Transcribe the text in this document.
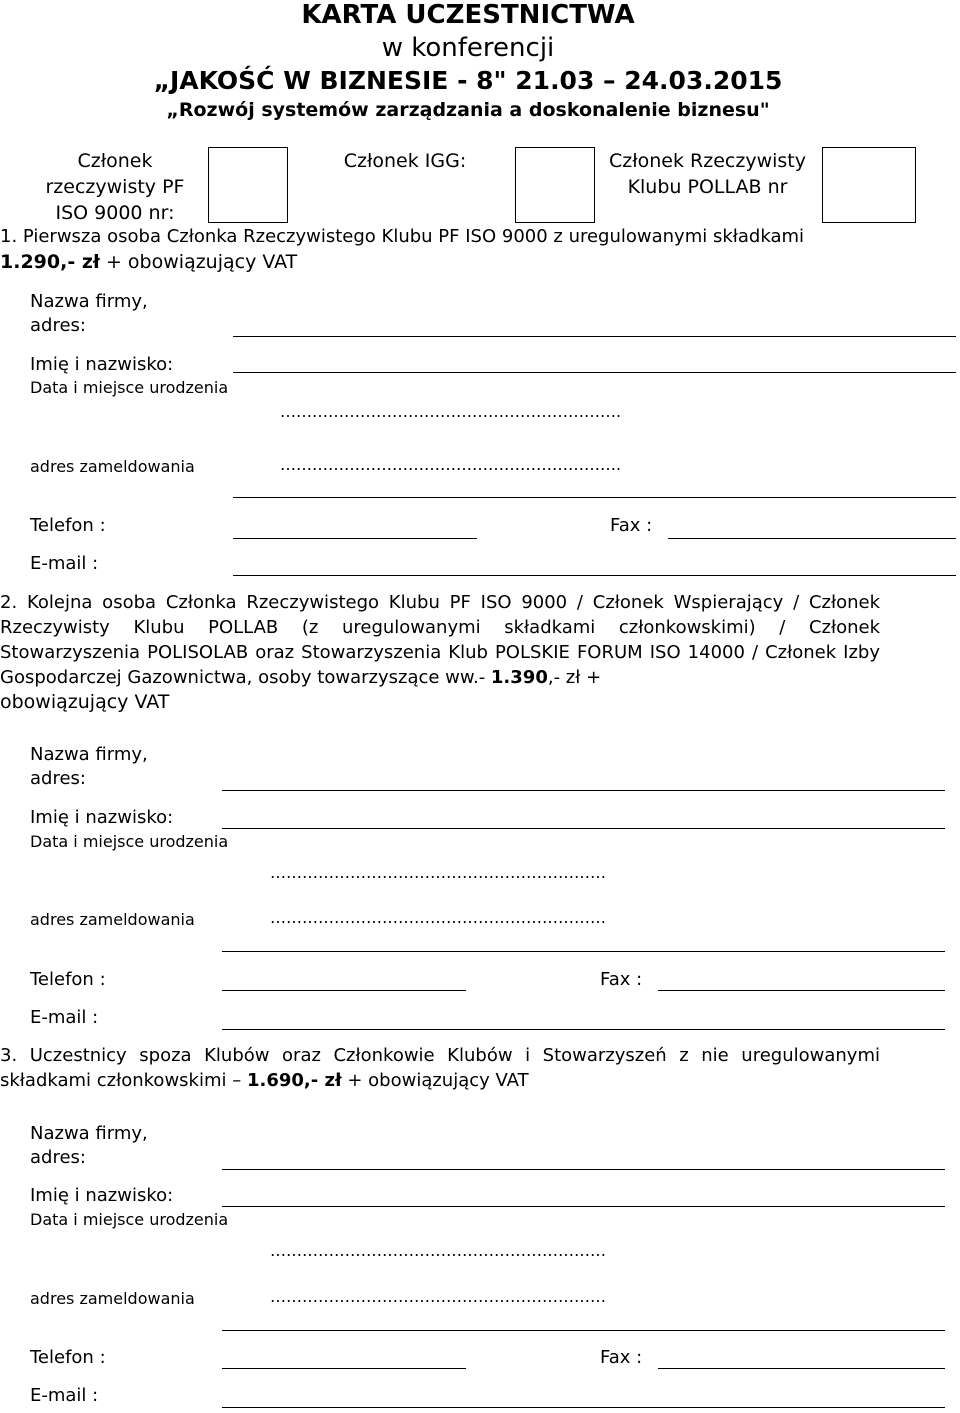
KARTA UCZESTNICTWA
w konferencji
„JAKOŚĆ W BIZNESIE - 8" 21.03 – 24.03.2015
„Rozwój systemów zarządzania a doskonalenie biznesu"
Członek rzeczywisty PF ISO 9000 nr:
Członek IGG:	Członek Rzeczywisty Klubu POLLAB nr
1. Pierwsza osoba Członka Rzeczywistego Klubu PF ISO 9000 z uregulowanymi składkami
1.290,- zł + obowiązujący VAT
Nazwa firmy,
adres:
Imię i nazwisko:
Data i miejsce urodzenia
……………………………………………………….
adres zameldowania	……………………………………………………….
Telefon :	Fax :
E-mail :
2. Kolejna osoba Członka Rzeczywistego Klubu PF ISO 9000 / Członek Wspierający / Członek Rzeczywisty Klubu POLLAB (z uregulowanymi składkami członkowskimi) / Członek Stowarzyszenia POLISOLAB oraz Stowarzyszenia Klub POLSKIE FORUM ISO 14000 / Członek Izby Gospodarczej Gazownictwa, osoby towarzyszące ww.- 1.390,- zł +
obowiązujący VAT
Nazwa firmy,
adres:
Imię i nazwisko:
Data i miejsce urodzenia
………………………………………………………
adres zameldowania	………………………………………………………
Telefon :	Fax :
E-mail :
3. Uczestnicy spoza Klubów oraz Członkowie Klubów i Stowarzyszeń z nie uregulowanymi składkami członkowskimi – 1.690,- zł + obowiązujący VAT
Nazwa firmy,
adres:
Imię i nazwisko:
Data i miejsce urodzenia
………………………………………………………
adres zameldowania	………………………………………………………
Telefon :	Fax :
E-mail :
